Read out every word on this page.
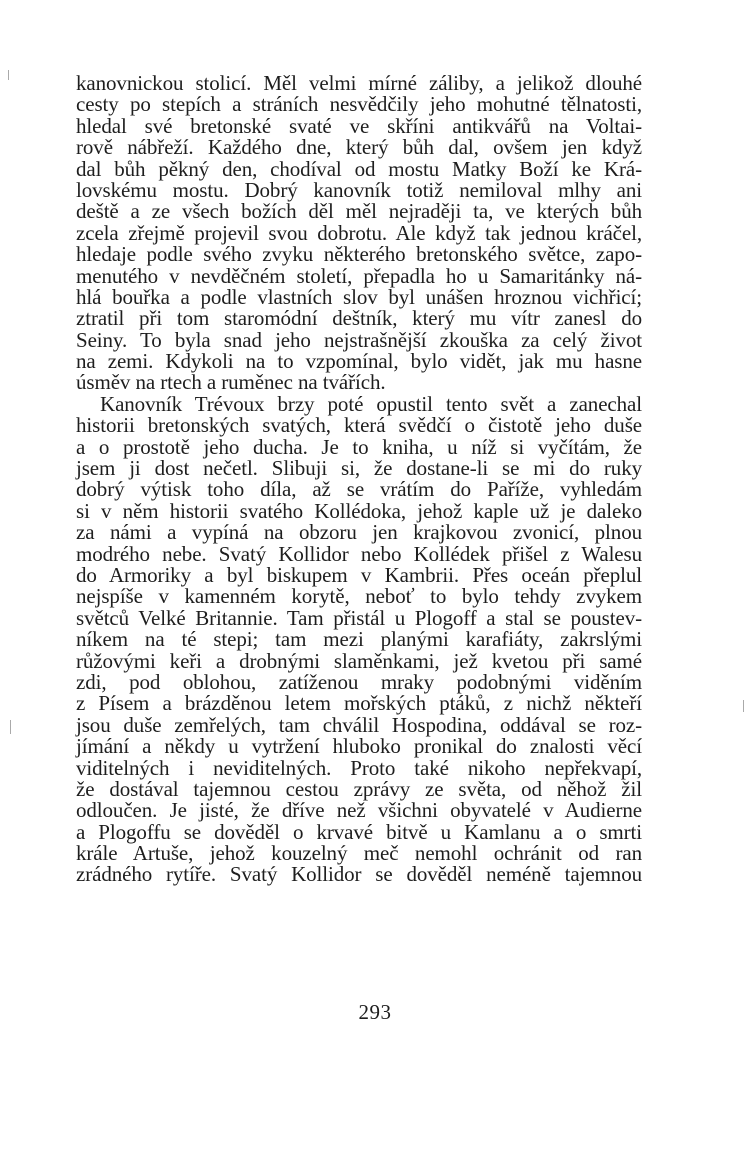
kanovnickou stolicí. Měl velmi mírné záliby, a jelikož dlouhé
cesty po stepích a stráních nesvědčily jeho mohutné tělnatosti,
hledal své bretonské svaté ve skříni antikvářů na Voltai-
rově nábřeží. Každého dne, který bůh dal, ovšem jen když
dal bůh pěkný den, chodíval od mostu Matky Boží ke Krá-
lovskému mostu. Dobrý kanovník totiž nemiloval mlhy ani
deště a ze všech božích děl měl nejraději ta, ve kterých bůh
zcela zřejmě projevil svou dobrotu. Ale když tak jednou kráčel,
hledaje podle svého zvyku některého bretonského světce, zapo-
menutého v nevděčném století, přepadla ho u Samaritánky ná-
hlá bouřka a podle vlastních slov byl unášen hroznou vichřicí;
ztratil při tom staromódní deštník, který mu vítr zanesl do
Seiny. To byla snad jeho nejstrašnější zkouška za celý život
na zemi. Kdykoli na to vzpomínal, bylo vidět, jak mu hasne
úsměv na rtech a ruměnec na tvářích.
Kanovník Trévoux brzy poté opustil tento svět a zanechal
historii bretonských svatých, která svědčí o čistotě jeho duše
a o prostotě jeho ducha. Je to kniha, u níž si vyčítám, že
jsem ji dost nečetl. Slibuji si, že dostane-li se mi do ruky
dobrý výtisk toho díla, až se vrátím do Paříže, vyhledám
si v něm historii svatého Kollédoka, jehož kaple už je daleko
za námi a vypíná na obzoru jen krajkovou zvonicí, plnou
modrého nebe. Svatý Kollidor nebo Kollédek přišel z Walesu
do Armoriky a byl biskupem v Kambrii. Přes oceán přeplul
nejspíše v kamenném korytě, neboť to bylo tehdy zvykem
světců Velké Britannie. Tam přistál u Plogoff a stal se poustev-
níkem na té stepi; tam mezi planými karafiáty, zakrslými
růžovými keři a drobnými slaměnkami, jež kvetou při samé
zdi, pod oblohou, zatíženou mraky podobnými viděním
z Písem a brázděnou letem mořských ptáků, z nichž někteří
jsou duše zemřelých, tam chválil Hospodina, oddával se roz-
jímání a někdy u vytržení hluboko pronikal do znalosti věcí
viditelných i neviditelných. Proto také nikoho nepřekvapí,
že dostával tajemnou cestou zprávy ze světa, od něhož žil
odloučen. Je jisté, že dříve než všichni obyvatelé v Audierne
a Plogoffu se dověděl o krvavé bitvě u Kamlanu a o smrti
krále Artuše, jehož kouzelný meč nemohl ochránit od ran
zrádného rytíře. Svatý Kollidor se dověděl neméně tajemnou
293
